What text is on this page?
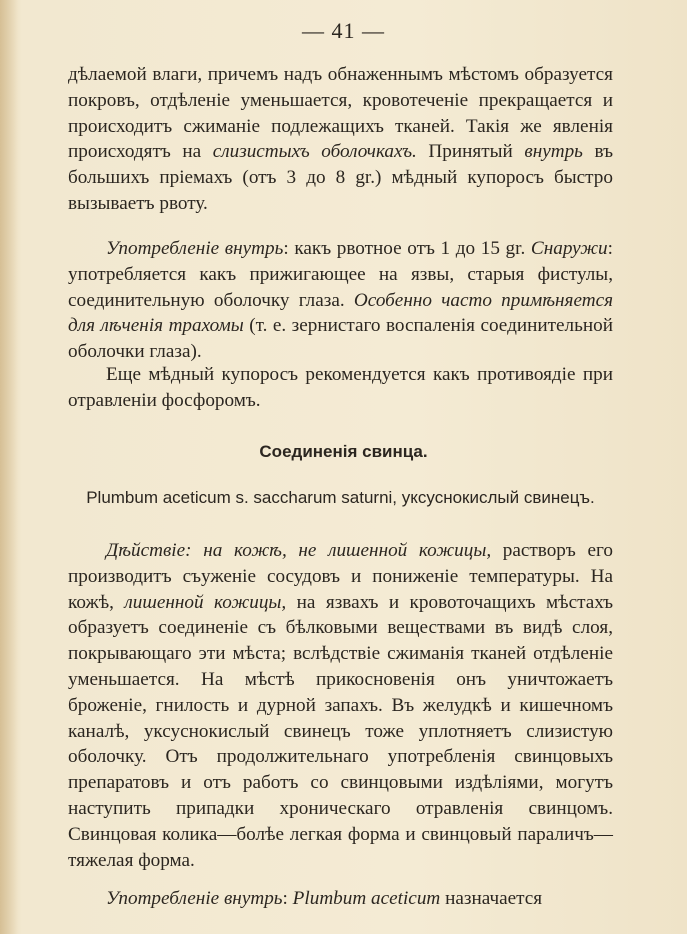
— 41 —

дѣлаемой влаги, причемъ надъ обнаженнымъ мѣстомъ образуется покровъ, отдѣленіе уменьшается, кровотеченіе прекращается и происходитъ сжиманіе подлежащихъ тканей. Такія же явленія происходятъ на слизистыхъ оболочкахъ. Принятый внутрь въ большихъ пріемахъ (отъ 3 до 8 gr.) мѣдный купоросъ быстро вызываетъ рвоту.

Употребленіе внутрь: какъ рвотное отъ 1 до 15 gr. Снаружи: употребляется какъ прижигающее на язвы, старыя фистулы, соединительную оболочку глаза. Особенно часто примѣняется для лѣченія трахомы (т. е. зернистаго воспаленія соединительной оболочки глаза).

Еще мѣдный купоросъ рекомендуется какъ противоядіе при отравленіи фосфоромъ.

Соединенія свинца.
Plumbum aceticum s. saccharum saturni, уксуснокислый свинецъ.

Дѣйствіе: на кожѣ, не лишенной кожицы, растворъ его производитъ съуженіе сосудовъ и пониженіе температуры. На кожѣ, лишенной кожицы, на язвахъ и кровоточащихъ мѣстахъ образуетъ соединеніе съ бѣлковыми веществами въ видѣ слоя, покрывающаго эти мѣста; вслѣдствіе сжиманія тканей отдѣленіе уменьшается. На мѣстѣ прикосновенія онъ уничтожаетъ броженіе, гнилость и дурной запахъ. Въ желудкѣ и кишечномъ каналѣ, уксуснокислый свинецъ тоже уплотняетъ слизистую оболочку. Отъ продолжительнаго употребленія свинцовыхъ препаратовъ и отъ работъ со свинцовыми издѣліями, могутъ наступить припадки хроническаго отравленія свинцомъ. Свинцовая колика—болѣе легкая форма и свинцовый параличъ—тяжелая форма.

Употребленіе внутрь: Plumbum aceticum назначается
